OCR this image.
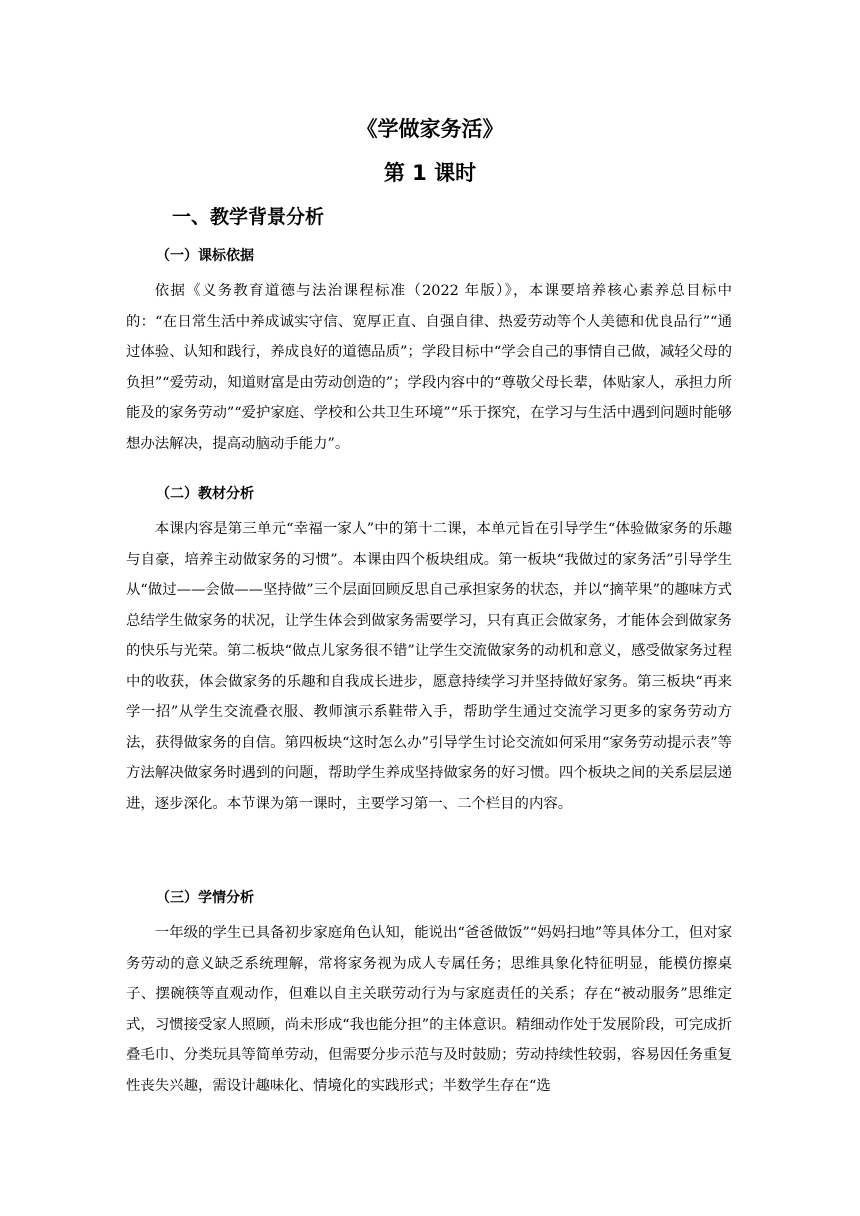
《学做家务活》
第 1 课时
一、教学背景分析
（一）课标依据

依据《义务教育道德与法治课程标准（2022 年版）》，本课要培养核心素养总目标中的：“在日常生活中养成诚实守信、宽厚正直、自强自律、热爱劳动等个人美德和优良品行”“通过体验、认知和践行，养成良好的道德品质”；学段目标中“学会自己的事情自己做，减轻父母的负担”“爱劳动，知道财富是由劳动创造的”；学段内容中的“尊敬父母长辈，体贴家人，承担力所能及的家务劳动”“爱护家庭、学校和公共卫生环境”“乐于探究，在学习与生活中遇到问题时能够想办法解决，提高动脑动手能力”。

（二）教材分析

本课内容是第三单元“幸福一家人”中的第十二课，本单元旨在引导学生“体验做家务的乐趣与自豪，培养主动做家务的习惯”。本课由四个板块组成。第一板块“我做过的家务活”引导学生从“做过——会做——坚持做”三个层面回顾反思自己承担家务的状态，并以“摘苹果”的趣味方式总结学生做家务的状况，让学生体会到做家务需要学习，只有真正会做家务，才能体会到做家务的快乐与光荣。第二板块“做点儿家务很不错”让学生交流做家务的动机和意义，感受做家务过程中的收获，体会做家务的乐趣和自我成长进步，愿意持续学习并坚持做好家务。第三板块“再来学一招”从学生交流叠衣服、教师演示系鞋带入手，帮助学生通过交流学习更多的家务劳动方法，获得做家务的自信。第四板块“这时怎么办”引导学生讨论交流如何采用“家务劳动提示表”等方法解决做家务时遇到的问题，帮助学生养成坚持做家务的好习惯。四个板块之间的关系层层递进，逐步深化。本节课为第一课时，主要学习第一、二个栏目的内容。

（三）学情分析

一年级的学生已具备初步家庭角色认知，能说出“爸爸做饭”“妈妈扫地”等具体分工，但对家务劳动的意义缺乏系统理解，常将家务视为成人专属任务；思维具象化特征明显，能模仿擦桌子、摆碗筷等直观动作，但难以自主关联劳动行为与家庭责任的关系；存在“被动服务”思维定式，习惯接受家人照顾，尚未形成“我也能分担”的主体意识。精细动作处于发展阶段，可完成折叠毛巾、分类玩具等简单劳动，但需要分步示范与及时鼓励；劳动持续性较弱，容易因任务重复性丧失兴趣，需设计趣味化、情境化的实践形式；半数学生存在“选
